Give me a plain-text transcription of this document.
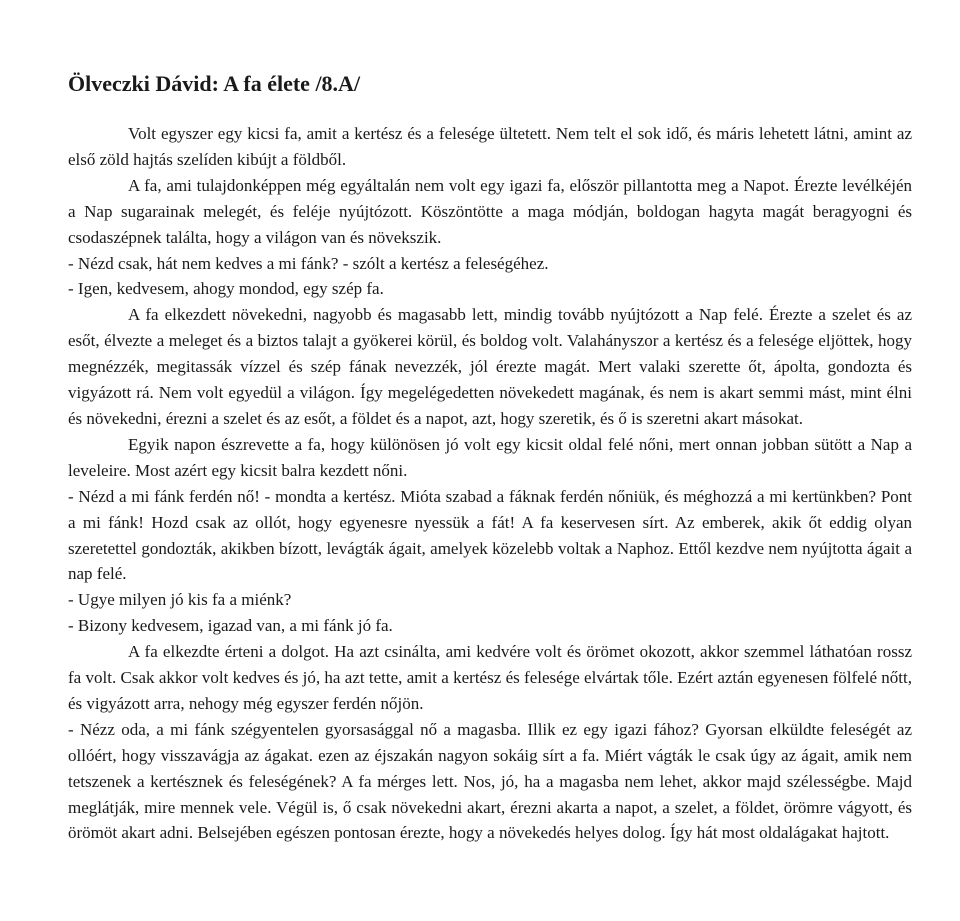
Ölveczki Dávid: A fa élete /8.A/

Volt egyszer egy kicsi fa, amit a kertész és a felesége ültetett. Nem telt el sok idő, és máris lehetett látni, amint az első zöld hajtás szelíden kibújt a földből.

A fa, ami tulajdonképpen még egyáltalán nem volt egy igazi fa, először pillantotta meg a Napot. Érezte levélkéjén a Nap sugarainak melegét, és feléje nyújtózott. Köszöntötte a maga módján, boldogan hagyta magát beragyogni és csodaszépnek találta, hogy a világon van és növekszik.

- Nézd csak, hát nem kedves a mi fánk? - szólt a kertész a feleségéhez.

- Igen, kedvesem, ahogy mondod, egy szép fa.

A fa elkezdett növekedni, nagyobb és magasabb lett, mindig tovább nyújtózott a Nap felé. Érezte a szelet és az esőt, élvezte a meleget és a biztos talajt a gyökerei körül, és boldog volt. Valahányszor a kertész és a felesége eljöttek, hogy megnézzék, megitassák vízzel és szép fának nevezzék, jól érezte magát. Mert valaki szerette őt, ápolta, gondozta és vigyázott rá. Nem volt egyedül a világon. Így megelégedetten növekedett magának, és nem is akart semmi mást, mint élni és növekedni, érezni a szelet és az esőt, a földet és a napot, azt, hogy szeretik, és ő is szeretni akart másokat.

Egyik napon észrevette a fa, hogy különösen jó volt egy kicsit oldal felé nőni, mert onnan jobban sütött a Nap a leveleire. Most azért egy kicsit balra kezdett nőni.

- Nézd a mi fánk ferdén nő! - mondta a kertész. Mióta szabad a fáknak ferdén nőniük, és méghozzá a mi kertünkben? Pont a mi fánk! Hozd csak az ollót, hogy egyenesre nyessük a fát! A fa keservesen sírt. Az emberek, akik őt eddig olyan szeretettel gondozták, akikben bízott, levágták ágait, amelyek közelebb voltak a Naphoz. Ettől kezdve nem nyújtotta ágait a nap felé.

- Ugye milyen jó kis fa a miénk?

- Bizony kedvesem, igazad van, a mi fánk jó fa.

A fa elkezdte érteni a dolgot. Ha azt csinálta, ami kedvére volt és örömet okozott, akkor szemmel láthatóan rossz fa volt. Csak akkor volt kedves és jó, ha azt tette, amit a kertész és felesége elvártak tőle. Ezért aztán egyenesen fölfelé nőtt, és vigyázott arra, nehogy még egyszer ferdén nőjön.

- Nézz oda, a mi fánk szégyentelen gyorsasággal nő a magasba. Illik ez egy igazi fához? Gyorsan elküldte feleségét az ollóért, hogy visszavágja az ágakat. ezen az éjszakán nagyon sokáig sírt a fa. Miért vágták le csak úgy az ágait, amik nem tetszenek a kertésznek és feleségének? A fa mérges lett. Nos, jó, ha a magasba nem lehet, akkor majd szélességbe. Majd meglátják, mire mennek vele. Végül is, ő csak növekedni akart, érezni akarta a napot, a szelet, a földet, örömre vágyott, és örömöt akart adni. Belsejében egészen pontosan érezte, hogy a növekedés helyes dolog. Így hát most oldalágakat hajtott.
